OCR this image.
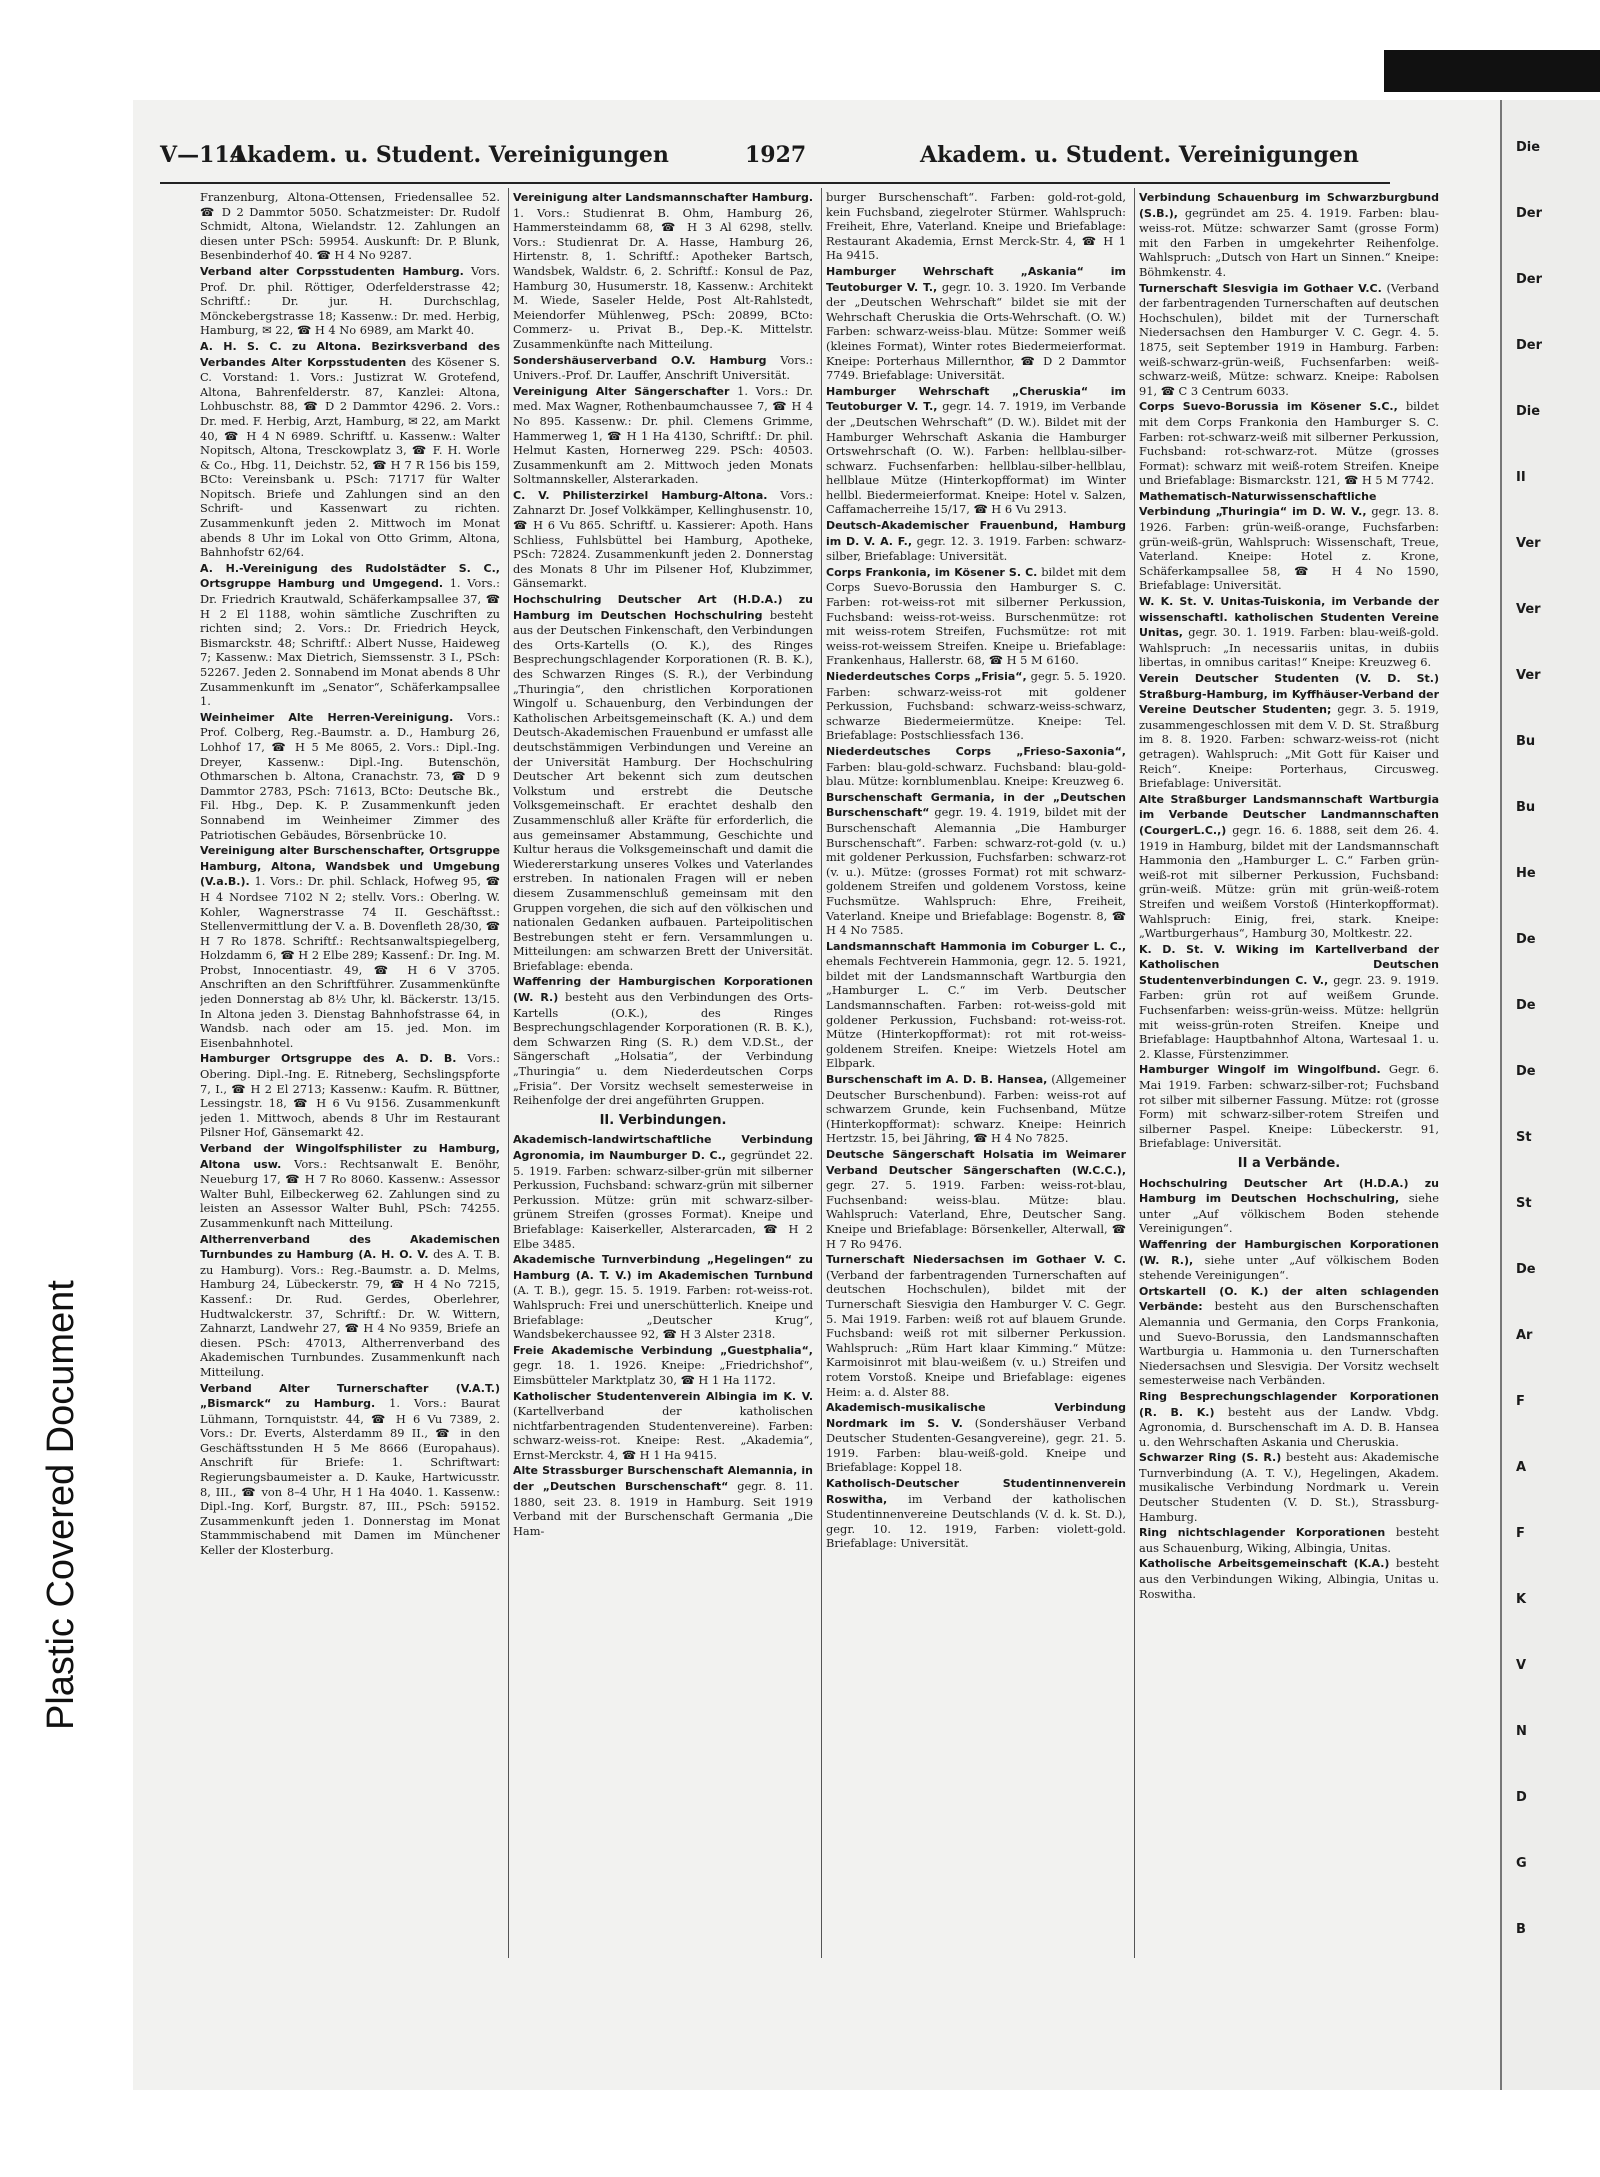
Plastic Covered Document
Die
Der
Der
Der
Die
II
Ver
Ver
Ver
Bu
Bu
He
De
De
De
St
St
De
Ar
F
A
F
K
V
N
D
G
B
V—114
Akadem. u. Student. Vereinigungen	1927	Akadem. u. Student. Vereinigungen

Franzenburg, Altona-Ottensen, Friedensallee 52. ☎ D 2 Dammtor 5050. Schatzmeister: Dr. Rudolf Schmidt, Altona, Wielandstr. 12. Zahlungen an diesen unter PSch: 59954. Auskunft: Dr. P. Blunk, Besenbinderhof 40. ☎ H 4 No 9287.

Verband alter Corpsstudenten Hamburg. Vors. Prof. Dr. phil. Röttiger, Oderfelderstrasse 42; Schriftf.: Dr. jur. H. Durchschlag, Mönckebergstrasse 18; Kassenw.: Dr. med. Herbig, Hamburg, ✉ 22, ☎ H 4 No 6989, am Markt 40.

A. H. S. C. zu Altona. Bezirksverband des Verbandes Alter Korpsstudenten des Kösener S. C. Vorstand: 1. Vors.: Justizrat W. Grotefend, Altona, Bahrenfelderstr. 87, Kanzlei: Altona, Lohbuschstr. 88, ☎ D 2 Dammtor 4296. 2. Vors.: Dr. med. F. Herbig, Arzt, Hamburg, ✉ 22, am Markt 40, ☎ H 4 N 6989. Schriftf. u. Kassenw.: Walter Nopitsch, Altona, Tresckowplatz 3, ☎ F. H. Worle & Co., Hbg. 11, Deichstr. 52, ☎ H 7 R 156 bis 159, BCto: Vereinsbank u. PSch: 71717 für Walter Nopitsch. Briefe und Zahlungen sind an den Schrift- und Kassenwart zu richten. Zusammenkunft jeden 2. Mittwoch im Monat abends 8 Uhr im Lokal von Otto Grimm, Altona, Bahnhofstr 62/64.

A. H.-Vereinigung des Rudolstädter S. C., Ortsgruppe Hamburg und Umgegend. 1. Vors.: Dr. Friedrich Krautwald, Schäferkampsallee 37, ☎ H 2 El 1188, wohin sämtliche Zuschriften zu richten sind; 2. Vors.: Dr. Friedrich Heyck, Bismarckstr. 48; Schriftf.: Albert Nusse, Haideweg 7; Kassenw.: Max Dietrich, Siemssenstr. 3 I., PSch: 52267. Jeden 2. Sonnabend im Monat abends 8 Uhr Zusammenkunft im „Senator“, Schäferkampsallee 1.

Weinheimer Alte Herren-Vereinigung. Vors.: Prof. Colberg, Reg.-Baumstr. a. D., Hamburg 26, Lohhof 17, ☎ H 5 Me 8065, 2. Vors.: Dipl.-Ing. Dreyer, Kassenw.: Dipl.-Ing. Butenschön, Othmarschen b. Altona, Cranachstr. 73, ☎ D 9 Dammtor 2783, PSch: 71613, BCto: Deutsche Bk., Fil. Hbg., Dep. K. P. Zusammenkunft jeden Sonnabend im Weinheimer Zimmer des Patriotischen Gebäudes, Börsenbrücke 10.

Vereinigung alter Burschenschafter, Ortsgruppe Hamburg, Altona, Wandsbek und Umgebung (V.a.B.). 1. Vors.: Dr. phil. Schlack, Hofweg 95, ☎ H 4 Nordsee 7102 N 2; stellv. Vors.: Oberlng. W. Kohler, Wagnerstrasse 74 II. Geschäftsst.: Stellenvermittlung der V. a. B. Dovenfleth 28/30, ☎ H 7 Ro 1878. Schriftf.: Rechtsanwaltspiegelberg, Holzdamm 6, ☎ H 2 Elbe 289; Kassenf.: Dr. Ing. M. Probst, Innocentiastr. 49, ☎ H 6 V 3705. Anschriften an den Schriftführer. Zusammenkünfte jeden Donnerstag ab 8½ Uhr, kl. Bäckerstr. 13/15. In Altona jeden 3. Dienstag Bahnhofstrasse 64, in Wandsb. nach oder am 15. jed. Mon. im Eisenbahnhotel.

Hamburger Ortsgruppe des A. D. B. Vors.: Obering. Dipl.-Ing. E. Ritneberg, Sechslingspforte 7, I., ☎ H 2 El 2713; Kassenw.: Kaufm. R. Büttner, Lessingstr. 18, ☎ H 6 Vu 9156. Zusammenkunft jeden 1. Mittwoch, abends 8 Uhr im Restaurant Pilsner Hof, Gänsemarkt 42.

Verband der Wingolfsphilister zu Hamburg, Altona usw. Vors.: Rechtsanwalt E. Benöhr, Neueburg 17, ☎ H 7 Ro 8060. Kassenw.: Assessor Walter Buhl, Eilbeckerweg 62. Zahlungen sind zu leisten an Assessor Walter Buhl, PSch: 74255. Zusammenkunft nach Mitteilung.

Altherrenverband des Akademischen Turnbundes zu Hamburg (A. H. O. V. des A. T. B. zu Hamburg). Vors.: Reg.-Baumstr. a. D. Melms, Hamburg 24, Lübeckerstr. 79, ☎ H 4 No 7215, Kassenf.: Dr. Rud. Gerdes, Oberlehrer, Hudtwalckerstr. 37, Schriftf.: Dr. W. Wittern, Zahnarzt, Landwehr 27, ☎ H 4 No 9359, Briefe an diesen. PSch: 47013, Altherrenverband des Akademischen Turnbundes. Zusammenkunft nach Mitteilung.

Verband Alter Turnerschafter (V.A.T.) „Bismarck“ zu Hamburg. 1. Vors.: Baurat Lühmann, Tornquiststr. 44, ☎ H 6 Vu 7389, 2. Vors.: Dr. Everts, Alsterdamm 89 II., ☎ in den Geschäftsstunden H 5 Me 8666 (Europahaus). Anschrift für Briefe: 1. Schriftwart: Regierungsbaumeister a. D. Kauke, Hartwicusstr. 8, III., ☎ von 8–4 Uhr, H 1 Ha 4040. 1. Kassenw.: Dipl.-Ing. Korf, Burgstr. 87, III., PSch: 59152. Zusammenkunft jeden 1. Donnerstag im Monat Stammmischabend mit Damen im Münchener Keller der Klosterburg.

Vereinigung alter Landsmannschafter Hamburg. 1. Vors.: Studienrat B. Ohm, Hamburg 26, Hammersteindamm 68, ☎ H 3 Al 6298, stellv. Vors.: Studienrat Dr. A. Hasse, Hamburg 26, Hirtenstr. 8, 1. Schriftf.: Apotheker Bartsch, Wandsbek, Waldstr. 6, 2. Schriftf.: Konsul de Paz, Hamburg 30, Husumerstr. 18, Kassenw.: Architekt M. Wiede, Saseler Helde, Post Alt-Rahlstedt, Meiendorfer Mühlenweg, PSch: 20899, BCto: Commerz- u. Privat B., Dep.-K. Mittelstr. Zusammenkünfte nach Mitteilung.

Sondershäuserverband O.V. Hamburg Vors.: Univers.-Prof. Dr. Lauffer, Anschrift Universität.

Vereinigung Alter Sängerschafter 1. Vors.: Dr. med. Max Wagner, Rothenbaumchaussee 7, ☎ H 4 No 895. Kassenw.: Dr. phil. Clemens Grimme, Hammerweg 1, ☎ H 1 Ha 4130, Schriftf.: Dr. phil. Helmut Kasten, Hornerweg 229. PSch: 40503. Zusammenkunft am 2. Mittwoch jeden Monats Soltmannskeller, Alsterarkaden.

C. V. Philisterzirkel Hamburg-Altona. Vors.: Zahnarzt Dr. Josef Volkkämper, Kellinghusenstr. 10, ☎ H 6 Vu 865. Schriftf. u. Kassierer: Apoth. Hans Schliess, Fuhlsbüttel bei Hamburg, Apotheke, PSch: 72824. Zusammenkunft jeden 2. Donnerstag des Monats 8 Uhr im Pilsener Hof, Klubzimmer, Gänsemarkt.

Hochschulring Deutscher Art (H.D.A.) zu Hamburg im Deutschen Hochschulring besteht aus der Deutschen Finkenschaft, den Verbindungen des Orts-Kartells (O. K.), des Ringes Besprechungschlagender Korporationen (R. B. K.), des Schwarzen Ringes (S. R.), der Verbindung „Thuringia“, den christlichen Korporationen Wingolf u. Schauenburg, den Verbindungen der Katholischen Arbeitsgemeinschaft (K. A.) und dem Deutsch-Akademischen Frauenbund er umfasst alle deutschstämmigen Verbindungen und Vereine an der Universität Hamburg. Der Hochschulring Deutscher Art bekennt sich zum deutschen Volkstum und erstrebt die Deutsche Volksgemeinschaft. Er erachtet deshalb den Zusammenschluß aller Kräfte für erforderlich, die aus gemeinsamer Abstammung, Geschichte und Kultur heraus die Volksgemeinschaft und damit die Wiedererstarkung unseres Volkes und Vaterlandes erstreben. In nationalen Fragen will er neben diesem Zusammenschluß gemeinsam mit den Gruppen vorgehen, die sich auf den völkischen und nationalen Gedanken aufbauen. Parteipolitischen Bestrebungen steht er fern. Versammlungen u. Mitteilungen: am schwarzen Brett der Universität. Briefablage: ebenda.

Waffenring der Hamburgischen Korporationen (W. R.) besteht aus den Verbindungen des Orts-Kartells (O.K.), des Ringes Besprechungschlagender Korporationen (R. B. K.), dem Schwarzen Ring (S. R.) dem V.D.St., der Sängerschaft „Holsatia“, der Verbindung „Thuringia“ u. dem Niederdeutschen Corps „Frisia“. Der Vorsitz wechselt semesterweise in Reihenfolge der drei angeführten Gruppen.

II. Verbindungen.

Akademisch-landwirtschaftliche Verbindung Agronomia, im Naumburger D. C., gegründet 22. 5. 1919. Farben: schwarz-silber-grün mit silberner Perkussion, Fuchsband: schwarz-grün mit silberner Perkussion. Mütze: grün mit schwarz-silber-grünem Streifen (grosses Format). Kneipe und Briefablage: Kaiserkeller, Alsterarcaden, ☎ H 2 Elbe 3485.

Akademische Turnverbindung „Hegelingen“ zu Hamburg (A. T. V.) im Akademischen Turnbund (A. T. B.), gegr. 15. 5. 1919. Farben: rot-weiss-rot. Wahlspruch: Frei und unerschütterlich. Kneipe und Briefablage: „Deutscher Krug“, Wandsbekerchaussee 92, ☎ H 3 Alster 2318.

Freie Akademische Verbindung „Guestphalia“, gegr. 18. 1. 1926. Kneipe: „Friedrichshof“, Eimsbütteler Marktplatz 30, ☎ H 1 Ha 1172.

Katholischer Studentenverein Albingia im K. V. (Kartellverband der katholischen nichtfarbentragenden Studentenvereine). Farben: schwarz-weiss-rot. Kneipe: Rest. „Akademia“, Ernst-Merckstr. 4, ☎ H 1 Ha 9415.

Alte Strassburger Burschenschaft Alemannia, in der „Deutschen Burschenschaft“ gegr. 8. 11. 1880, seit 23. 8. 1919 in Hamburg. Seit 1919 Verband mit der Burschenschaft Germania „Die Ham-

burger Burschenschaft“. Farben: gold-rot-gold, kein Fuchsband, ziegelroter Stürmer. Wahlspruch: Freiheit, Ehre, Vaterland. Kneipe und Briefablage: Restaurant Akademia, Ernst Merck-Str. 4, ☎ H 1 Ha 9415.

Hamburger Wehrschaft „Askania“ im Teutoburger V. T., gegr. 10. 3. 1920. Im Verbande der „Deutschen Wehrschaft“ bildet sie mit der Wehrschaft Cheruskia die Orts-Wehrschaft. (O. W.) Farben: schwarz-weiss-blau. Mütze: Sommer weiß (kleines Format), Winter rotes Biedermeierformat. Kneipe: Porterhaus Millernthor, ☎ D 2 Dammtor 7749. Briefablage: Universität.

Hamburger Wehrschaft „Cheruskia“ im Teutoburger V. T., gegr. 14. 7. 1919, im Verbande der „Deutschen Wehrschaft“ (D. W.). Bildet mit der Hamburger Wehrschaft Askania die Hamburger Ortswehrschaft (O. W.). Farben: hellblau-silber-schwarz. Fuchsenfarben: hellblau-silber-hellblau, hellblaue Mütze (Hinterkopfformat) im Winter hellbl. Biedermeierformat. Kneipe: Hotel v. Salzen, Caffamacherreihe 15/17, ☎ H 6 Vu 2913.

Deutsch-Akademischer Frauenbund, Hamburg im D. V. A. F., gegr. 12. 3. 1919. Farben: schwarz-silber, Briefablage: Universität.

Corps Frankonia, im Kösener S. C. bildet mit dem Corps Suevo-Borussia den Hamburger S. C. Farben: rot-weiss-rot mit silberner Perkussion, Fuchsband: weiss-rot-weiss. Burschenmütze: rot mit weiss-rotem Streifen, Fuchsmütze: rot mit weiss-rot-weissem Streifen. Kneipe u. Briefablage: Frankenhaus, Hallerstr. 68, ☎ H 5 M 6160.

Niederdeutsches Corps „Frisia“, gegr. 5. 5. 1920. Farben: schwarz-weiss-rot mit goldener Perkussion, Fuchsband: schwarz-weiss-schwarz, schwarze Biedermeiermütze. Kneipe: Tel. Briefablage: Postschliessfach 136.

Niederdeutsches Corps „Frieso-Saxonia“, Farben: blau-gold-schwarz. Fuchsband: blau-gold-blau. Mütze: kornblumenblau. Kneipe: Kreuzweg 6.

Burschenschaft Germania, in der „Deutschen Burschenschaft“ gegr. 19. 4. 1919, bildet mit der Burschenschaft Alemannia „Die Hamburger Burschenschaft“. Farben: schwarz-rot-gold (v. u.) mit goldener Perkussion, Fuchsfarben: schwarz-rot (v. u.). Mütze: (grosses Format) rot mit schwarz-goldenem Streifen und goldenem Vorstoss, keine Fuchsmütze. Wahlspruch: Ehre, Freiheit, Vaterland. Kneipe und Briefablage: Bogenstr. 8, ☎ H 4 No 7585.

Landsmannschaft Hammonia im Coburger L. C., ehemals Fechtverein Hammonia, gegr. 12. 5. 1921, bildet mit der Landsmannschaft Wartburgia den „Hamburger L. C.“ im Verb. Deutscher Landsmannschaften. Farben: rot-weiss-gold mit goldener Perkussion, Fuchsband: rot-weiss-rot. Mütze (Hinterkopfformat): rot mit rot-weiss-goldenem Streifen. Kneipe: Wietzels Hotel am Elbpark.

Burschenschaft im A. D. B. Hansea, (Allgemeiner Deutscher Burschenbund). Farben: weiss-rot auf schwarzem Grunde, kein Fuchsenband, Mütze (Hinterkopfformat): schwarz. Kneipe: Heinrich Hertzstr. 15, bei Jähring, ☎ H 4 No 7825.

Deutsche Sängerschaft Holsatia im Weimarer Verband Deutscher Sängerschaften (W.C.C.), gegr. 27. 5. 1919. Farben: weiss-rot-blau, Fuchsenband: weiss-blau. Mütze: blau. Wahlspruch: Vaterland, Ehre, Deutscher Sang. Kneipe und Briefablage: Börsenkeller, Alterwall, ☎ H 7 Ro 9476.

Turnerschaft Niedersachsen im Gothaer V. C. (Verband der farbentragenden Turnerschaften auf deutschen Hochschulen), bildet mit der Turnerschaft Siesvigia den Hamburger V. C. Gegr. 5. Mai 1919. Farben: weiß rot auf blauem Grunde. Fuchsband: weiß rot mit silberner Perkussion. Wahlspruch: „Rüm Hart klaar Kimming.“ Mütze: Karmoisinrot mit blau-weißem (v. u.) Streifen und rotem Vorstoß. Kneipe und Briefablage: eigenes Heim: a. d. Alster 88.

Akademisch-musikalische Verbindung Nordmark im S. V. (Sondershäuser Verband Deutscher Studenten-Gesangvereine), gegr. 21. 5. 1919. Farben: blau-weiß-gold. Kneipe und Briefablage: Koppel 18.

Katholisch-Deutscher Studentinnenverein Roswitha, im Verband der katholischen Studentinnenvereine Deutschlands (V. d. k. St. D.), gegr. 10. 12. 1919, Farben: violett-gold. Briefablage: Universität.

Verbindung Schauenburg im Schwarzburgbund (S.B.), gegründet am 25. 4. 1919. Farben: blau-weiss-rot. Mütze: schwarzer Samt (grosse Form) mit den Farben in umgekehrter Reihenfolge. Wahlspruch: „Dutsch von Hart un Sinnen.“ Kneipe: Böhmkenstr. 4.

Turnerschaft Slesvigia im Gothaer V.C. (Verband der farbentragenden Turnerschaften auf deutschen Hochschulen), bildet mit der Turnerschaft Niedersachsen den Hamburger V. C. Gegr. 4. 5. 1875, seit September 1919 in Hamburg. Farben: weiß-schwarz-grün-weiß, Fuchsenfarben: weiß-schwarz-weiß, Mütze: schwarz. Kneipe: Rabolsen 91, ☎ C 3 Centrum 6033.

Corps Suevo-Borussia im Kösener S.C., bildet mit dem Corps Frankonia den Hamburger S. C. Farben: rot-schwarz-weiß mit silberner Perkussion, Fuchsband: rot-schwarz-rot. Mütze (grosses Format): schwarz mit weiß-rotem Streifen. Kneipe und Briefablage: Bismarckstr. 121, ☎ H 5 M 7742.

Mathematisch-Naturwissenschaftliche Verbindung „Thuringia“ im D. W. V., gegr. 13. 8. 1926. Farben: grün-weiß-orange, Fuchsfarben: grün-weiß-grün, Wahlspruch: Wissenschaft, Treue, Vaterland. Kneipe: Hotel z. Krone, Schäferkampsallee 58, ☎ H 4 No 1590, Briefablage: Universität.

W. K. St. V. Unitas-Tuiskonia, im Verbande der wissenschaftl. katholischen Studenten Vereine Unitas, gegr. 30. 1. 1919. Farben: blau-weiß-gold. Wahlspruch: „In necessariis unitas, in dubiis libertas, in omnibus caritas!“ Kneipe: Kreuzweg 6.

Verein Deutscher Studenten (V. D. St.) Straßburg-Hamburg, im Kyffhäuser-Verband der Vereine Deutscher Studenten; gegr. 3. 5. 1919, zusammengeschlossen mit dem V. D. St. Straßburg im 8. 8. 1920. Farben: schwarz-weiss-rot (nicht getragen). Wahlspruch: „Mit Gott für Kaiser und Reich“. Kneipe: Porterhaus, Circusweg. Briefablage: Universität.

Alte Straßburger Landsmannschaft Wartburgia im Verbande Deutscher Landmannschaften (CourgerL.C.,) gegr. 16. 6. 1888, seit dem 26. 4. 1919 in Hamburg, bildet mit der Landsmannschaft Hammonia den „Hamburger L. C.“ Farben grün-weiß-rot mit silberner Perkussion, Fuchsband: grün-weiß. Mütze: grün mit grün-weiß-rotem Streifen und weißem Vorstoß (Hinterkopfformat). Wahlspruch: Einig, frei, stark. Kneipe: „Wartburgerhaus“, Hamburg 30, Moltkestr. 22.

K. D. St. V. Wiking im Kartellverband der Katholischen Deutschen Studentenverbindungen C. V., gegr. 23. 9. 1919. Farben: grün rot auf weißem Grunde. Fuchsenfarben: weiss-grün-weiss. Mütze: hellgrün mit weiss-grün-roten Streifen. Kneipe und Briefablage: Hauptbahnhof Altona, Wartesaal 1. u. 2. Klasse, Fürstenzimmer.

Hamburger Wingolf im Wingolfbund. Gegr. 6. Mai 1919. Farben: schwarz-silber-rot; Fuchsband rot silber mit silberner Fassung. Mütze: rot (grosse Form) mit schwarz-silber-rotem Streifen und silberner Paspel. Kneipe: Lübeckerstr. 91, Briefablage: Universität.

II a Verbände.

Hochschulring Deutscher Art (H.D.A.) zu Hamburg im Deutschen Hochschulring, siehe unter „Auf völkischem Boden stehende Vereinigungen“.

Waffenring der Hamburgischen Korporationen (W. R.), siehe unter „Auf völkischem Boden stehende Vereinigungen“.

Ortskartell (O. K.) der alten schlagenden Verbände: besteht aus den Burschenschaften Alemannia und Germania, den Corps Frankonia, und Suevo-Borussia, den Landsmannschaften Wartburgia u. Hammonia u. den Turnerschaften Niedersachsen und Slesvigia. Der Vorsitz wechselt semesterweise nach Verbänden.

Ring Besprechungschlagender Korporationen (R. B. K.) besteht aus der Landw. Vbdg. Agronomia, d. Burschenschaft im A. D. B. Hansea u. den Wehrschaften Askania und Cheruskia.

Schwarzer Ring (S. R.) besteht aus: Akademische Turnverbindung (A. T. V.), Hegelingen, Akadem. musikalische Verbindung Nordmark u. Verein Deutscher Studenten (V. D. St.), Strassburg-Hamburg.

Ring nichtschlagender Korporationen besteht aus Schauenburg, Wiking, Albingia, Unitas.

Katholische Arbeitsgemeinschaft (K.A.) besteht aus den Verbindungen Wiking, Albingia, Unitas u. Roswitha.
